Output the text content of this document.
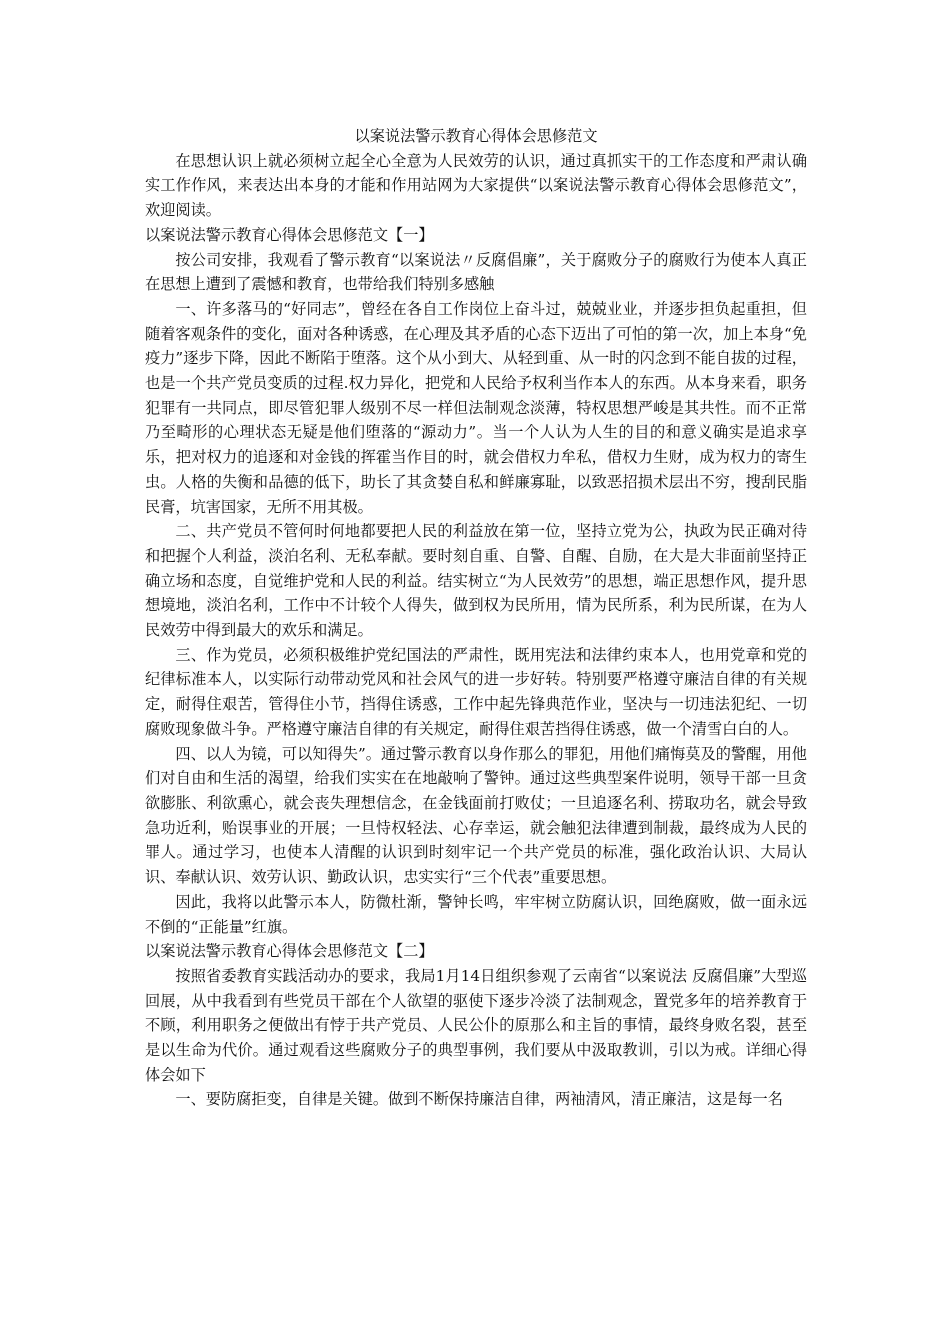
以案说法警示教育心得体会思修范文

在思想认识上就必须树立起全心全意为人民效劳的认识，通过真抓实干的工作态度和严肃认确实工作作风，来表达出本身的才能和作用站网为大家提供“以案说法警示教育心得体会思修范文”，欢迎阅读。

以案说法警示教育心得体会思修范文【一】

按公司安排，我观看了警示教育“以案说法〃反腐倡廉”，关于腐败分子的腐败行为使本人真正在思想上遭到了震憾和教育，也带给我们特别多感触

一、许多落马的“好同志”，曾经在各自工作岗位上奋斗过，兢兢业业，并逐步担负起重担，但随着客观条件的变化，面对各种诱惑，在心理及其矛盾的心态下迈出了可怕的第一次，加上本身“免疫力”逐步下降，因此不断陷于堕落。这个从小到大、从轻到重、从一时的闪念到不能自拔的过程，也是一个共产党员变质的过程.权力异化，把党和人民给予权利当作本人的东西。从本身来看，职务犯罪有一共同点，即尽管犯罪人级别不尽一样但法制观念淡薄，特权思想严峻是其共性。而不正常乃至畸形的心理状态无疑是他们堕落的“源动力”。当一个人认为人生的目的和意义确实是追求享乐，把对权力的追逐和对金钱的挥霍当作目的时，就会借权力牟私，借权力生财，成为权力的寄生虫。人格的失衡和品德的低下，助长了其贪婪自私和鲜廉寡耻，以致恶招损术层出不穷，搜刮民脂民膏，坑害国家，无所不用其极。

二、共产党员不管何时何地都要把人民的利益放在第一位，坚持立党为公，执政为民正确对待和把握个人利益，淡泊名利、无私奉献。要时刻自重、自警、自醒、自励，在大是大非面前坚持正确立场和态度，自觉维护党和人民的利益。结实树立“为人民效劳”的思想，端正思想作风，提升思想境地，淡泊名利，工作中不计较个人得失，做到权为民所用，情为民所系，利为民所谋，在为人民效劳中得到最大的欢乐和满足。

三、作为党员，必须积极维护党纪国法的严肃性，既用宪法和法律约束本人，也用党章和党的纪律标准本人，以实际行动带动党风和社会风气的进一步好转。特别要严格遵守廉洁自律的有关规定，耐得住艰苦，管得住小节，挡得住诱惑，工作中起先锋典范作业，坚决与一切违法犯纪、一切腐败现象做斗争。严格遵守廉洁自律的有关规定，耐得住艰苦挡得住诱惑，做一个清雪白白的人。

四、以人为镜，可以知得失”。通过警示教育以身作那么的罪犯，用他们痛悔莫及的警醒，用他们对自由和生活的渴望，给我们实实在在地敲响了警钟。通过这些典型案件说明，领导干部一旦贪欲膨胀、利欲熏心，就会丧失理想信念，在金钱面前打败仗；一旦追逐名利、捞取功名，就会导致急功近利，贻误事业的开展；一旦恃权轻法、心存幸运，就会触犯法律遭到制裁，最终成为人民的罪人。通过学习，也使本人清醒的认识到时刻牢记一个共产党员的标准，强化政治认识、大局认识、奉献认识、效劳认识、勤政认识，忠实实行“三个代表”重要思想。

因此，我将以此警示本人，防微杜渐，警钟长鸣，牢牢树立防腐认识，回绝腐败，做一面永远不倒的“正能量”红旗。

以案说法警示教育心得体会思修范文【二】

按照省委教育实践活动办的要求，我局1月14日组织参观了云南省“以案说法 反腐倡廉”大型巡回展，从中我看到有些党员干部在个人欲望的驱使下逐步冷淡了法制观念，置党多年的培养教育于不顾，利用职务之便做出有悖于共产党员、人民公仆的原那么和主旨的事情，最终身败名裂，甚至是以生命为代价。通过观看这些腐败分子的典型事例，我们要从中汲取教训，引以为戒。详细心得体会如下

一、要防腐拒变，自律是关键。做到不断保持廉洁自律，两袖清风，清正廉洁，这是每一名
